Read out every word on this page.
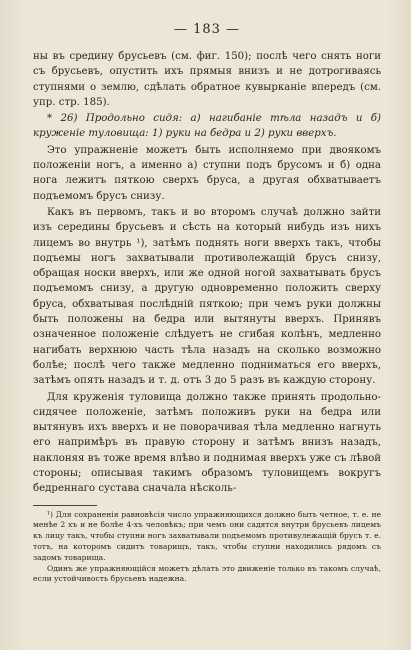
— 183 —

ны въ средину брусьевъ (см. фиг. 150); послѣ чего снять ноги съ брусьевъ, опустить ихъ прямыя внизъ и не дотрогиваясь ступнями о землю, сдѣлать обратное кувырканіе впередъ (см. упр. стр. 185).

* 26) Продольно сидя: а) нагибаніе тѣла назадъ и б) круженіе туловища: 1) руки на бедра и 2) руки вверхъ.

Это упражненіе можетъ быть исполняемо при двоякомъ положеніи ногъ, а именно а) ступни подъ брусомъ и б) одна нога лежитъ пяткою сверхъ бруса, а другая обхватываетъ подъемомъ брусъ снизу.

Какъ въ первомъ, такъ и во второмъ случаѣ должно зайти изъ середины брусьевъ и сѣсть на который нибудь изъ нихъ лицемъ во внутрь ¹), затѣмъ поднять ноги вверхъ такъ, чтобы подъемы ногъ захватывали противолежащій брусъ снизу, обращая носки вверхъ, или же одной ногой захватывать брусъ подъемомъ снизу, а другую одновременно положить сверху бруса, обхватывая послѣдній пяткою; при чемъ руки должны быть положены на бедра или вытянуты вверхъ. Принявъ означенное положеніе слѣдуетъ не сгибая колѣнъ, медленно нагибать верхнюю часть тѣла назадъ на сколько возможно болѣе; послѣ чего также медленно подниматься его вверхъ, затѣмъ опять назадъ и т. д. отъ 3 до 5 разъ въ каждую сторону.

Для круженія туловища должно также принять продольно-сидячее положеніе, затѣмъ положивъ руки на бедра или вытянувъ ихъ вверхъ и не поворачивая тѣла медленно нагнуть его напримѣръ въ правую сторону и затѣмъ внизъ назадъ, наклоняя въ тоже время влѣво и поднимая вверхъ уже съ лѣвой стороны; описывая такимъ образомъ туловищемъ вокругъ бедреннаго сустава сначала нѣсколь-

¹) Для сохраненія равновѣсія число упражняющихся должно быть четное, т. е. не менѣе 2 хъ и не болѣе 4-хъ человѣкъ; при чемъ они садятся внутри брусьевъ лицемъ къ лицу такъ, чтобы ступни ногъ захватывали подъемомъ противулежащій брусъ т. е. тотъ, на которомъ сидитъ товарищъ, такъ, чтобы ступни находились рядомъ съ задомъ товарища.

Одинъ же упражняющійся можетъ дѣлать это движеніе только въ такомъ случаѣ, если устойчивость брусьевъ надежна.
